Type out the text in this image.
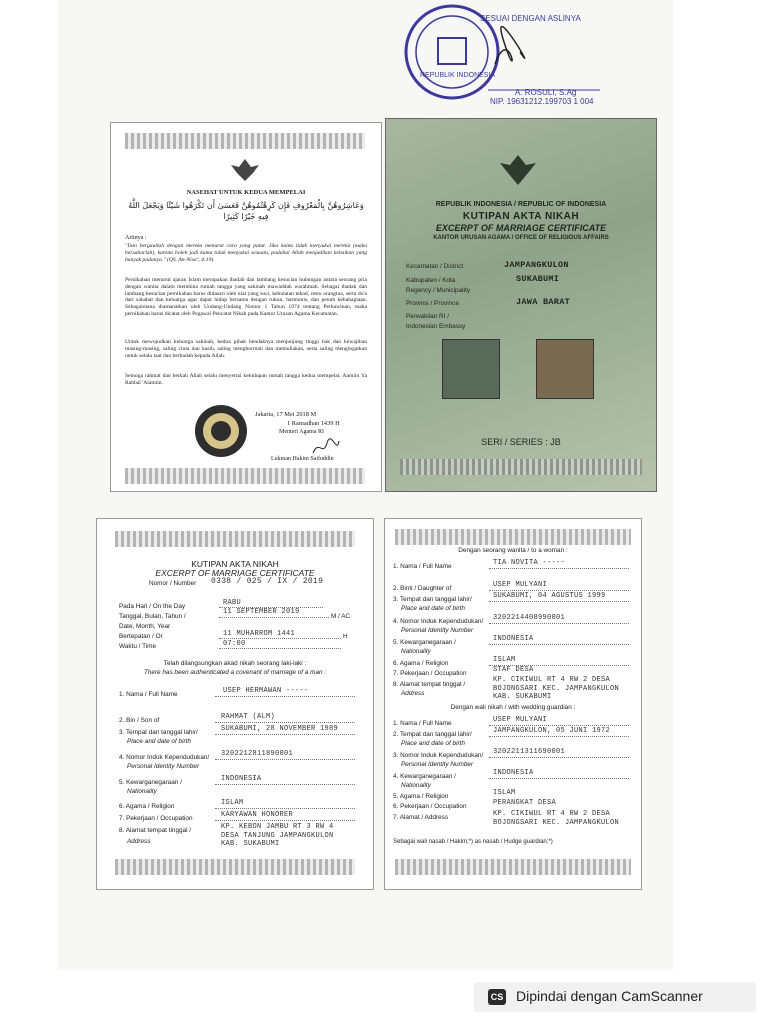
SESUAI DENGAN ASLINYA
REPUBLIK INDONESIA
A. ROSULI, S.Ag
NIP. 19631212.199703 1 004
NASEHAT UNTUK KEDUA MEMPELAI
وَعَاشِرُوهُنَّ بِالْمَعْرُوفِ فَإِن كَرِهْتُمُوهُنَّ فَعَسَىٰ أَن تَكْرَهُوا شَيْئًا وَيَجْعَلَ اللَّهُ فِيهِ خَيْرًا كَثِيرًا
Artinya :
"Dan bergaullah dengan mereka menurut cara yang patut. Jika kamu tidak menyukai mereka (maka bersabarlah), karena boleh jadi kamu tidak menyukai sesuatu, padahal Allah menjadikan kebaikan yang banyak padanya." (QS. An-Nisa'; 4:19).
Pernikahan menurut ajaran Islam merupakan ibadah dan lambang kesucian hubungan antara seorang pria dengan wanita dalam membina rumah tangga yang sakinah mawaddah warahmah. Sebagai ibadah dan lambang kesucian pernikahan harus didasari oleh niat yang suci, kebulatan tekad, restu orangtua, serta do'a dari sahabat dan keluarga agar dapat hidup bersama dengan rukun, harmonis, dan penuh kebahagiaan. Sebagaimana diamanatkan oleh Undang-Undang Nomor 1 Tahun 1974 tentang Perkawinan, maka pernikahan harus dicatat oleh Pegawai Pencatat Nikah pada Kantor Urusan Agama Kecamatan.
Untuk mewujudkan keluarga sakinah, kedua pihak hendaknya menjunjung tinggi hak dan kewajiban masing-masing, saling cinta dan kasih, saling menghormati dan memuliakan, serta saling mengingatkan untuk selalu taat dan berbadah kepada Allah.
Semoga rahmat dan berkah Allah selalu menyertai kehidupan rumah tangga kedua mempelai. Aamiin Ya Rabbal 'Alamiin.
Jakarta, 17 Mei 2018 M
1 Ramadhan 1439 H
Menteri Agama RI
Lukman Hakim Saifuddin
REPUBLIK INDONESIA / REPUBLIC OF INDONESIA
KUTIPAN AKTA NIKAH
EXCERPT OF MARRIAGE CERTIFICATE
KANTOR URUSAN AGAMA / OFFICE OF RELIGIOUS AFFAIRS
Kecamatan / District	JAMPANGKULON
Kabupaten / Kota	SUKABUMI
Regency / Municipality
Provinsi / Province	JAWA BARAT
Perwakilan RI /
Indonesian Embassy
SERI / SERIES : JB
KUTIPAN AKTA NIKAH
EXCERPT OF MARRIAGE CERTIFICATE
Nomor / Number 0338 / 025 / IX / 2019
Pada Hari / On the Day	RABU
Tanggal, Bulan, Tahun /
11 SEPTEMBER 2019
M / AC
Date, Month, Year
Bertepatan / Or	11 MUHARROM 1441	H
Waktu / Time	07:00
Telah dilangsungkan akad nikah seorang laki-laki :
There has been authenticated a covenant of marriage of a man :
1. Nama / Full Name	USEP HERMAWAN -----
2. Bin / Son of	RAHMAT (ALM)
3. Tempat dan tanggal lahir/
Place and date of birth
SUKABUMI, 28 NOVEMBER 1989
4. Nomor Induk Kependudukan/
Personal Identity Number
3202212811890001
5. Kewarganegaraan /
Nationality
INDONESIA
6. Agama / Religion	ISLAM
7. Pekerjaan / Occupation	KARYAWAN HONORER
8. Alamat tempat tinggal /
Address
KP. KEBON JAMBU RT 3 RW 4 DESA TANJUNG JAMPANGKULON KAB. SUKABUMI
Dengan seorang wanita / to a woman :
1. Nama / Full Name	TIA NOVITA -----
2. Binti / Daughter of	USEP MULYANI
3. Tempat dan tanggal lahir/
Place and date of birth
SUKABUMI, 04 AGUSTUS 1999
4. Nomor Induk Kependudukan/
Personal Identity Number
3202214408990001
5. Kewarganegaraan /
Nationality
INDONESIA
6. Agama / Religion	ISLAM
7. Pekerjaan / Occupation	STAF DESA
8. Alamat tempat tinggal /
Address
KP. CIKIWUL RT 4 RW 2 DESA BOJONGSARI KEC. JAMPANGKULON KAB. SUKABUMI
Dengan wali nikah / with wedding guardian :
1. Nama / Full Name	USEP MULYANI
2. Tempat dan tanggal lahir/
Place and date of birth
JAMPANGKULON, 05 JUNI 1972
3. Nomor Induk Kependudukan/
Personal Identity Number
3202211311690001
4. Kewarganegaraan /
Nationality
INDONESIA
5. Agama / Religion	ISLAM
6. Pekerjaan / Occupation	PERANGKAT DESA
7. Alamat / Address	KP. CIKIWUL RT 4 RW 2 DESA BOJONGSARI KEC. JAMPANGKULON
Sebagai wali nasab / Hakim;*) as nasab / Hudge guardian;*)
CS Dipindai dengan CamScanner
